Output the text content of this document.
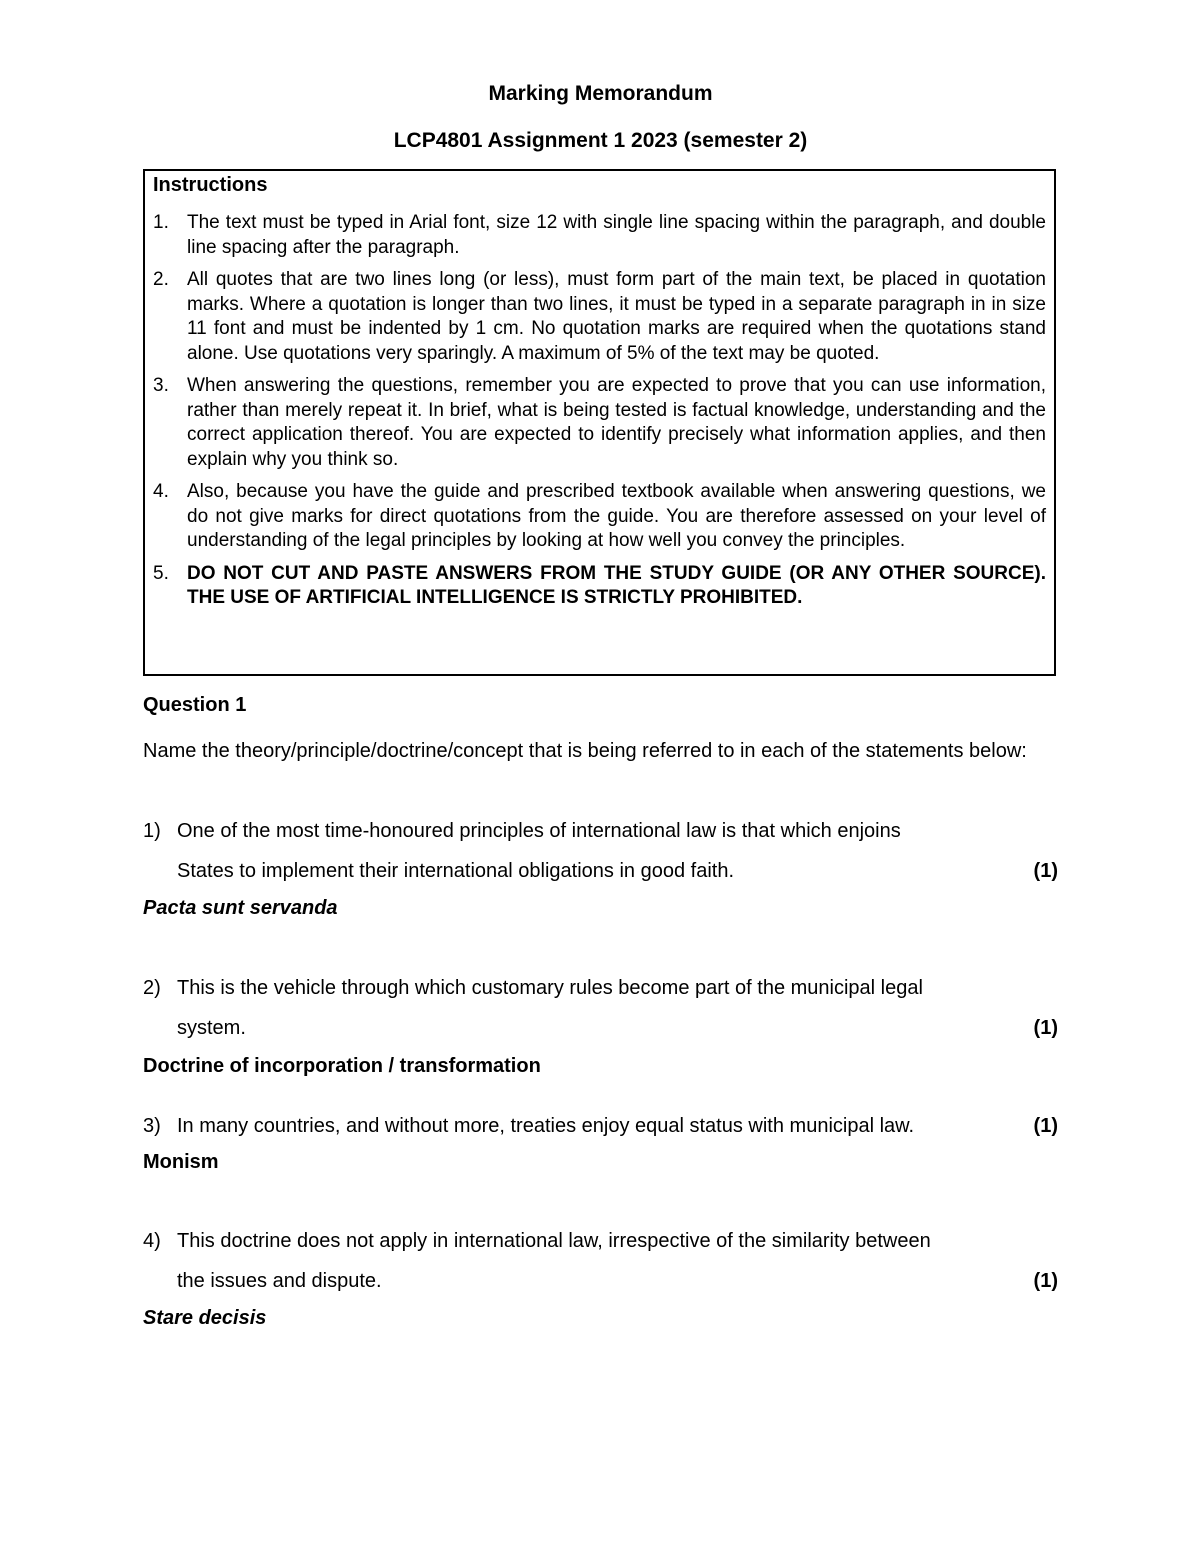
Marking Memorandum
LCP4801 Assignment 1 2023 (semester 2)
Instructions
1. The text must be typed in Arial font, size 12 with single line spacing within the paragraph, and double line spacing after the paragraph.
2. All quotes that are two lines long (or less), must form part of the main text, be placed in quotation marks. Where a quotation is longer than two lines, it must be typed in a separate paragraph in in size 11 font and must be indented by 1 cm. No quotation marks are required when the quotations stand alone. Use quotations very sparingly. A maximum of 5% of the text may be quoted.
3. When answering the questions, remember you are expected to prove that you can use information, rather than merely repeat it. In brief, what is being tested is factual knowledge, understanding and the correct application thereof. You are expected to identify precisely what information applies, and then explain why you think so.
4. Also, because you have the guide and prescribed textbook available when answering questions, we do not give marks for direct quotations from the guide. You are therefore assessed on your level of understanding of the legal principles by looking at how well you convey the principles.
5. DO NOT CUT AND PASTE ANSWERS FROM THE STUDY GUIDE (OR ANY OTHER SOURCE). THE USE OF ARTIFICIAL INTELLIGENCE IS STRICTLY PROHIBITED.
Question 1
Name the theory/principle/doctrine/concept that is being referred to in each of the statements below:
1) One of the most time-honoured principles of international law is that which enjoins
States to implement their international obligations in good faith.	(1)
Pacta sunt servanda
2) This is the vehicle through which customary rules become part of the municipal legal
system.	(1)
Doctrine of incorporation / transformation
3) In many countries, and without more, treaties enjoy equal status with municipal law.	(1)
Monism
4) This doctrine does not apply in international law, irrespective of the similarity between
the issues and dispute.	(1)
Stare decisis
